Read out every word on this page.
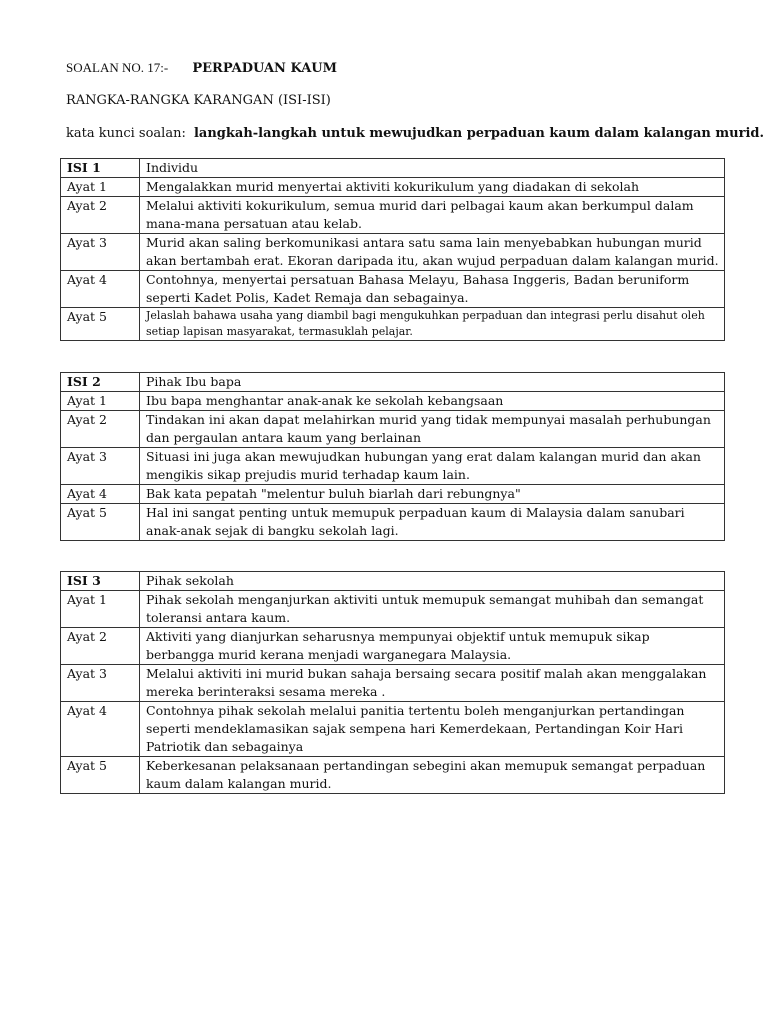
SOALAN NO. 17:- PERPADUAN KAUM
RANGKA-RANGKA KARANGAN (ISI-ISI)
kata kunci soalan: langkah-langkah untuk mewujudkan perpaduan kaum dalam kalangan murid.
ISI 1	Individu
Ayat 1	Mengalakkan murid menyertai aktiviti kokurikulum yang diadakan di sekolah
Ayat 2	Melalui aktiviti kokurikulum, semua murid dari pelbagai kaum akan berkumpul dalam mana-mana persatuan atau kelab.
Ayat 3	Murid akan saling berkomunikasi antara satu sama lain menyebabkan hubungan murid akan bertambah erat. Ekoran daripada itu, akan wujud perpaduan dalam kalangan murid.
Ayat 4	Contohnya, menyertai persatuan Bahasa Melayu, Bahasa Inggeris, Badan beruniform seperti Kadet Polis, Kadet Remaja dan sebagainya.
Ayat 5	Jelaslah bahawa usaha yang diambil bagi mengukuhkan perpaduan dan integrasi perlu disahut oleh setiap lapisan masyarakat, termasuklah pelajar.
ISI 2	Pihak Ibu bapa
Ayat 1	Ibu bapa menghantar anak-anak ke sekolah kebangsaan
Ayat 2	Tindakan ini akan dapat melahirkan murid yang tidak mempunyai masalah perhubungan dan pergaulan antara kaum yang berlainan
Ayat 3	Situasi ini juga akan mewujudkan hubungan yang erat dalam kalangan murid dan akan mengikis sikap prejudis murid terhadap kaum lain.
Ayat 4	Bak kata pepatah "melentur buluh biarlah dari rebungnya"
Ayat 5	Hal ini sangat penting untuk memupuk perpaduan kaum di Malaysia dalam sanubari anak-anak sejak di bangku sekolah lagi.
ISI 3	Pihak sekolah
Ayat 1	Pihak sekolah menganjurkan aktiviti untuk memupuk semangat muhibah dan semangat toleransi antara kaum.
Ayat 2	Aktiviti yang dianjurkan seharusnya mempunyai objektif untuk memupuk sikap berbangga murid kerana menjadi warganegara Malaysia.
Ayat 3	Melalui aktiviti ini murid bukan sahaja bersaing secara positif malah akan menggalakan mereka berinteraksi sesama mereka .
Ayat 4	Contohnya pihak sekolah melalui panitia tertentu boleh menganjurkan pertandingan seperti mendeklamasikan sajak sempena hari Kemerdekaan, Pertandingan Koir Hari Patriotik dan sebagainya
Ayat 5	Keberkesanan pelaksanaan pertandingan sebegini akan memupuk semangat perpaduan kaum dalam kalangan murid.
